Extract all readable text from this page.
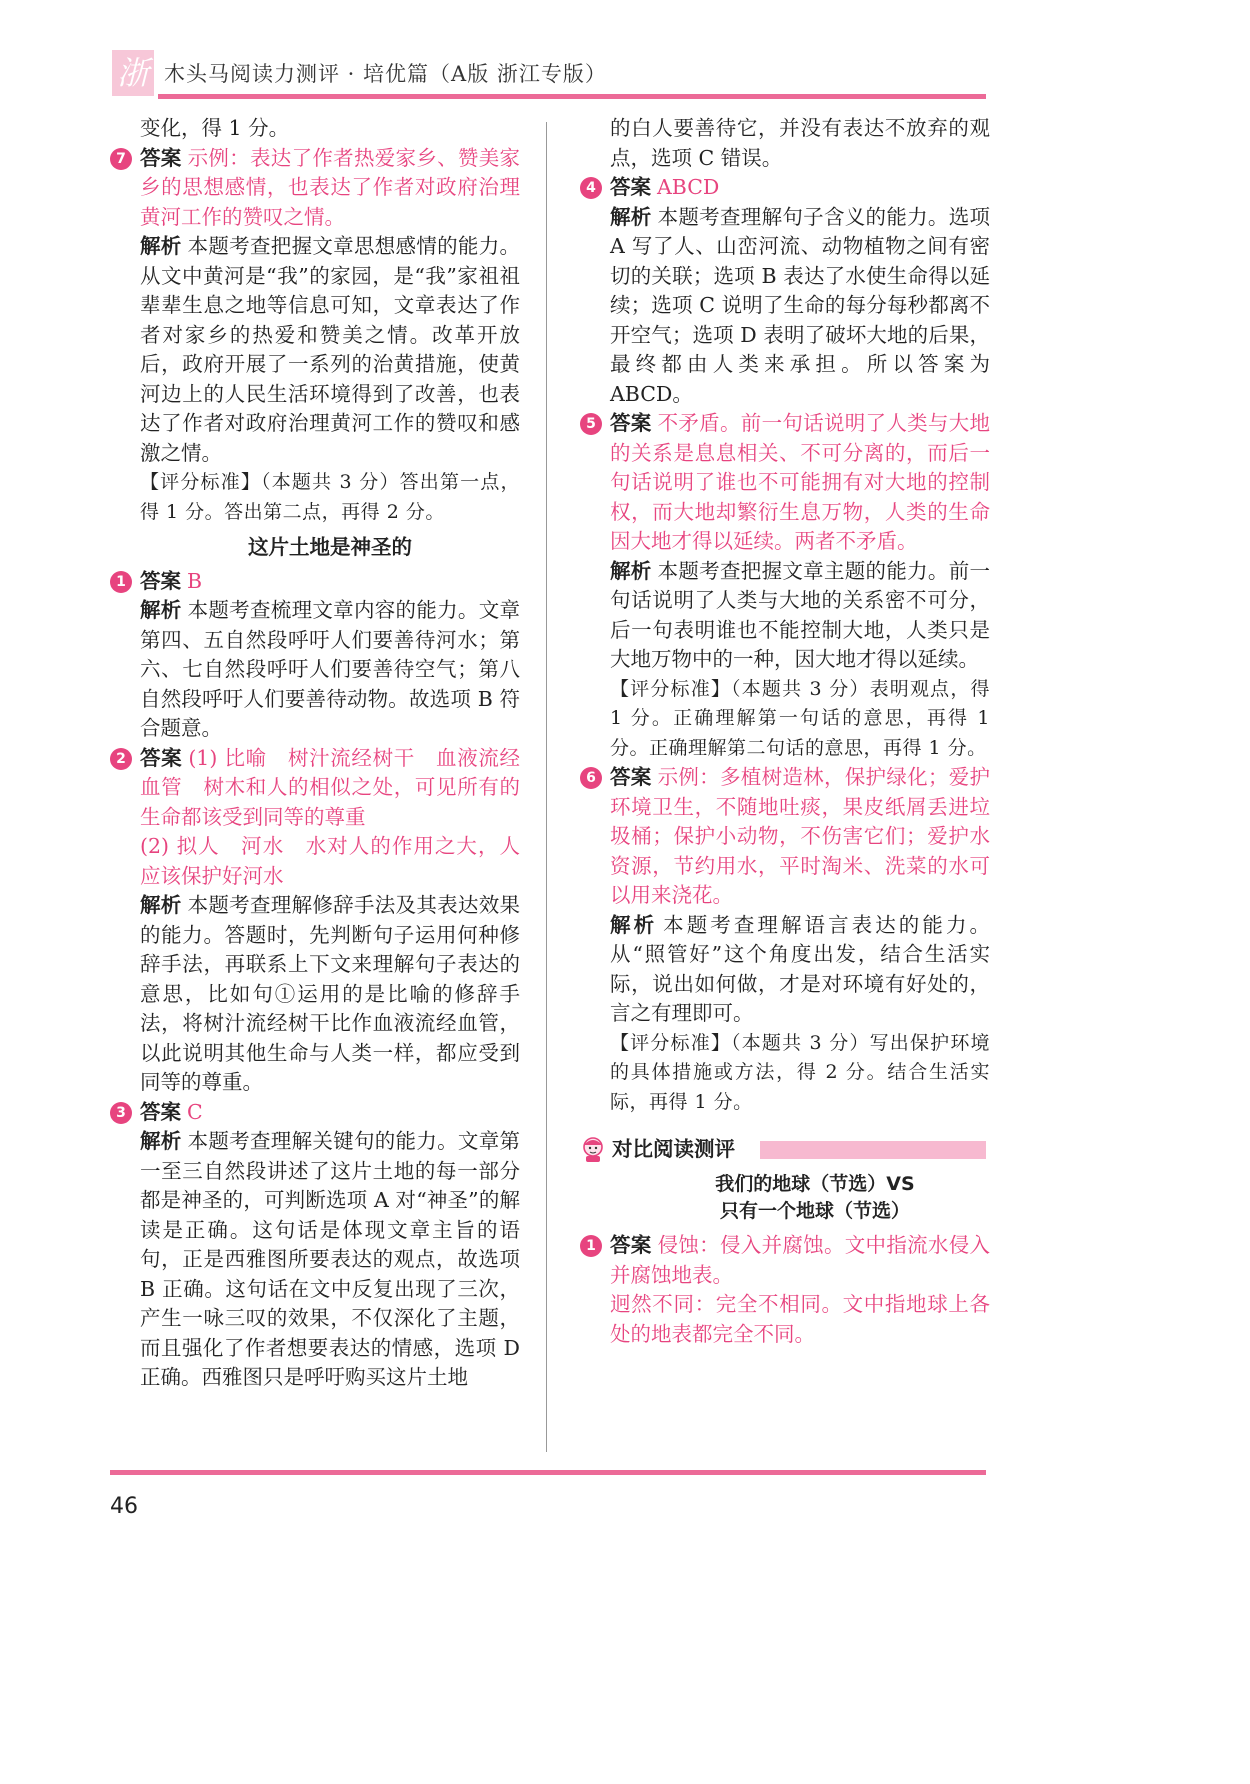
浙 木头马阅读力测评 · 培优篇（A版 浙江专版）

变化，得 1 分。

7 答案 示例：表达了作者热爱家乡、赞美家乡的思想感情，也表达了作者对政府治理黄河工作的赞叹之情。

解析 本题考查把握文章思想感情的能力。从文中黄河是“我”的家园，是“我”家祖祖辈辈生息之地等信息可知，文章表达了作者对家乡的热爱和赞美之情。改革开放后，政府开展了一系列的治黄措施，使黄河边上的人民生活环境得到了改善，也表达了作者对政府治理黄河工作的赞叹和感激之情。

【评分标准】（本题共 3 分）答出第一点，得 1 分。答出第二点，再得 2 分。

这片土地是神圣的

1 答案 B

解析 本题考查梳理文章内容的能力。文章第四、五自然段呼吁人们要善待河水；第六、七自然段呼吁人们要善待空气；第八自然段呼吁人们要善待动物。故选项 B 符合题意。

2 答案 (1) 比喻　树汁流经树干　血液流经血管　树木和人的相似之处，可见所有的生命都该受到同等的尊重

(2) 拟人　河水　水对人的作用之大，人应该保护好河水

解析 本题考查理解修辞手法及其表达效果的能力。答题时，先判断句子运用何种修辞手法，再联系上下文来理解句子表达的意思，比如句①运用的是比喻的修辞手法，将树汁流经树干比作血液流经血管，以此说明其他生命与人类一样，都应受到同等的尊重。

3 答案 C

解析 本题考查理解关键句的能力。文章第一至三自然段讲述了这片土地的每一部分都是神圣的，可判断选项 A 对“神圣”的解读是正确。这句话是体现文章主旨的语句，正是西雅图所要表达的观点，故选项 B 正确。这句话在文中反复出现了三次，产生一咏三叹的效果，不仅深化了主题，而且强化了作者想要表达的情感，选项 D 正确。西雅图只是呼吁购买这片土地

的白人要善待它，并没有表达不放弃的观点，选项 C 错误。

4 答案 ABCD

解析 本题考查理解句子含义的能力。选项 A 写了人、山峦河流、动物植物之间有密切的关联；选项 B 表达了水使生命得以延续；选项 C 说明了生命的每分每秒都离不开空气；选项 D 表明了破坏大地的后果，最终都由人类来承担。所以答案为 ABCD。

5 答案 不矛盾。前一句话说明了人类与大地的关系是息息相关、不可分离的，而后一句话说明了谁也不可能拥有对大地的控制权，而大地却繁衍生息万物，人类的生命因大地才得以延续。两者不矛盾。

解析 本题考查把握文章主题的能力。前一句话说明了人类与大地的关系密不可分，后一句表明谁也不能控制大地，人类只是大地万物中的一种，因大地才得以延续。

【评分标准】（本题共 3 分）表明观点，得 1 分。正确理解第一句话的意思，再得 1 分。正确理解第二句话的意思，再得 1 分。

6 答案 示例：多植树造林，保护绿化；爱护环境卫生，不随地吐痰，果皮纸屑丢进垃圾桶；保护小动物，不伤害它们；爱护水资源，节约用水，平时淘米、洗菜的水可以用来浇花。

解析 本题考查理解语言表达的能力。从“照管好”这个角度出发，结合生活实际，说出如何做，才是对环境有好处的，言之有理即可。

【评分标准】（本题共 3 分）写出保护环境的具体措施或方法，得 2 分。结合生活实际，再得 1 分。

对比阅读测评
我们的地球（节选）VS
只有一个地球（节选）

1 答案 侵蚀：侵入并腐蚀。文中指流水侵入并腐蚀地表。

迥然不同：完全不相同。文中指地球上各处的地表都完全不同。

46
